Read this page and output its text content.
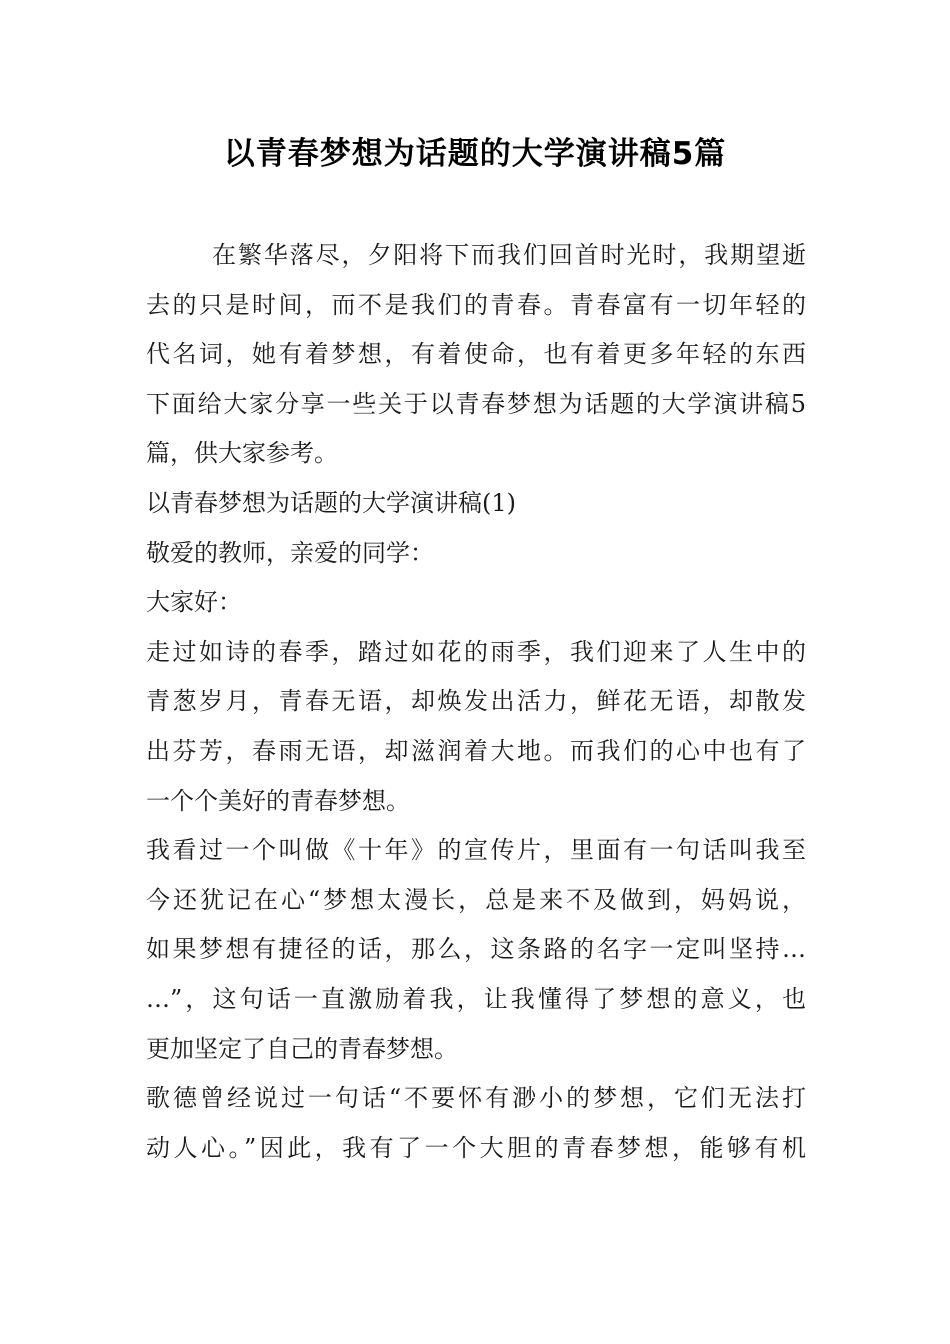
以青春梦想为话题的大学演讲稿5篇
在繁华落尽，夕阳将下而我们回首时光时，我期望逝
去的只是时间，而不是我们的青春。青春富有一切年轻的
代名词，她有着梦想，有着使命，也有着更多年轻的东西
下面给大家分享一些关于以青春梦想为话题的大学演讲稿5
篇，供大家参考。
以青春梦想为话题的大学演讲稿(1)
敬爱的教师，亲爱的同学：
大家好：
走过如诗的春季，踏过如花的雨季，我们迎来了人生中的
青葱岁月，青春无语，却焕发出活力，鲜花无语，却散发
出芬芳，春雨无语，却滋润着大地。而我们的心中也有了
一个个美好的青春梦想。
我看过一个叫做《十年》的宣传片，里面有一句话叫我至
今还犹记在心“梦想太漫长，总是来不及做到，妈妈说，
如果梦想有捷径的话，那么，这条路的名字一定叫坚持…
…”，这句话一直激励着我，让我懂得了梦想的意义，也
更加坚定了自己的青春梦想。
歌德曾经说过一句话“不要怀有渺小的梦想，它们无法打
动人心。”因此，我有了一个大胆的青春梦想，能够有机
